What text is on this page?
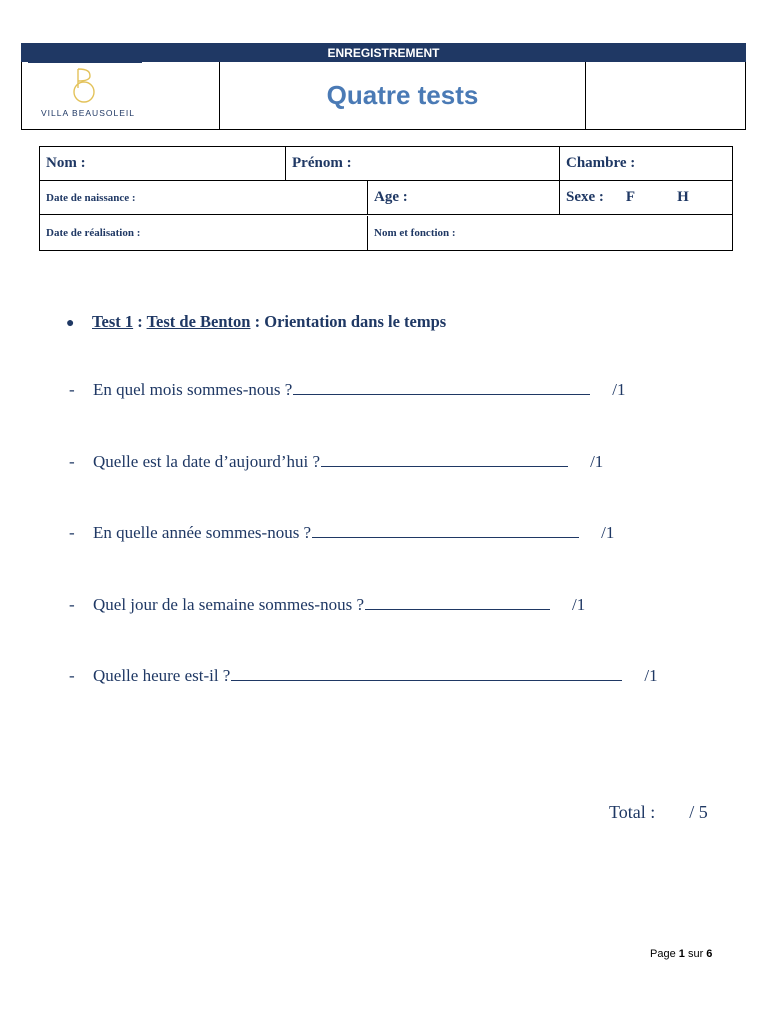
ENREGISTREMENT
VILLA BEAUSOLEIL
Quatre tests
Nom :	Prénom :	Chambre :
Date de naissance :	Age :	Sexe : F	H
Date de réalisation :	Nom et fonction :
● Test 1 : Test de Benton : Orientation dans le temps
- En quel mois sommes-nous ?	/1
- Quelle est la date d’aujourd’hui ?	/1
- En quelle année sommes-nous ?	/1
- Quel jour de la semaine sommes-nous ?	/1
- Quelle heure est-il ?	/1
Total : / 5
Page 1 sur 6
